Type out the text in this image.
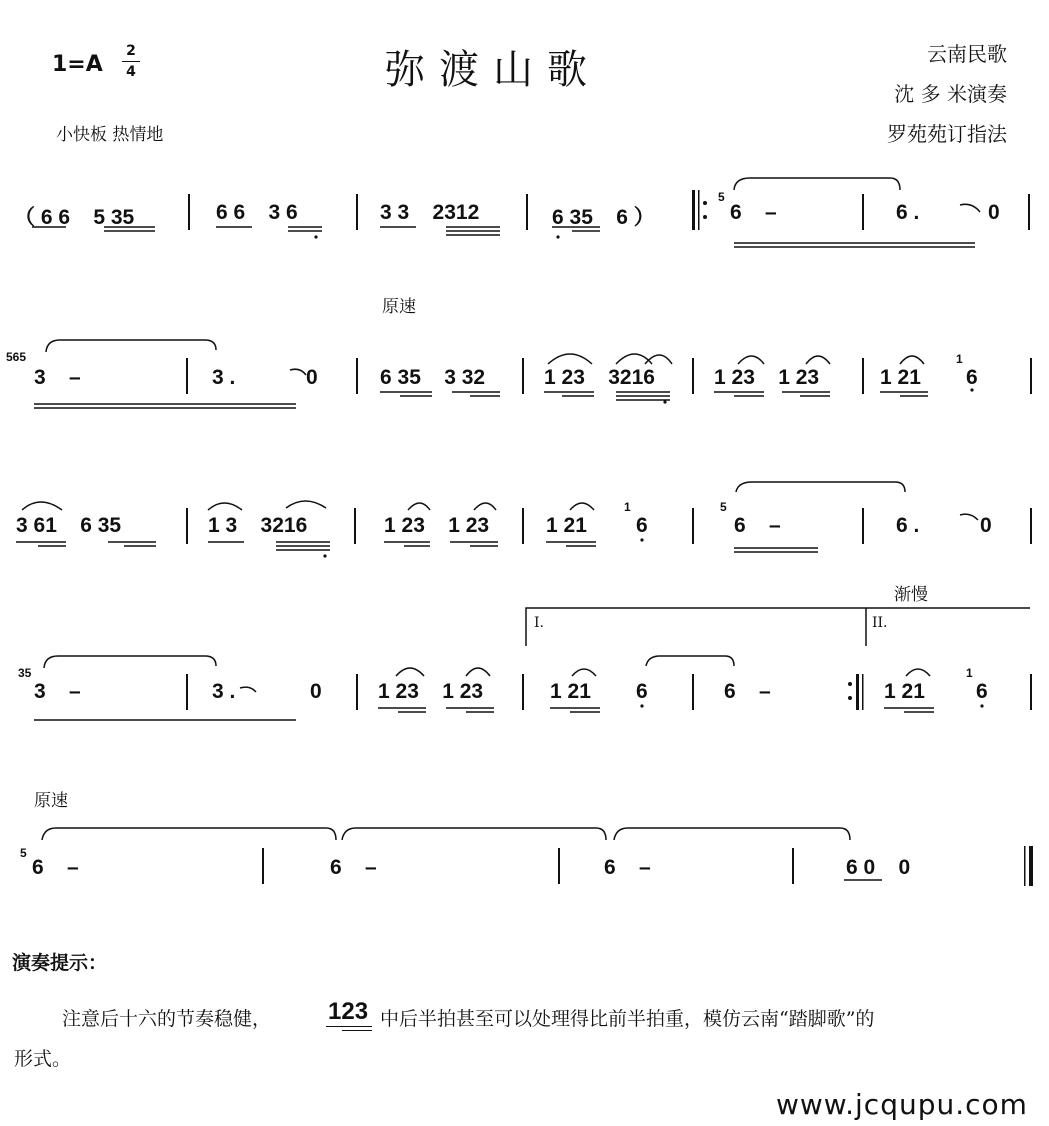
1=A
2
4	弥渡山歌	云南民歌
沈 多 米演奏
罗苑苑订指法
小快板 热情地
（ 6 6    5 35	6 6    3 6	3 3    2312	6 35    6 ）
5
6    –	6 .	0
原速
565
3    –	3 .	0	6 35    3 32	1 23    3216	1 23    1 23	1 21
1
6
3 61    6 35	1 3    3216	1 23    1 23	1 21
1
6
5
6    –	6 .	0
渐慢
I.	II.
35
3    –	3 .	0	1 23    1 23	1 21 6	6    –	1 21
1
6
原速
5
6    –	6    –	6    –	6 0    0
演奏提示：
注意后十六的节奏稳健， 123 中后半拍甚至可以处理得比前半拍重，模仿云南“踏脚歌”的
形式。
www.jcqupu.com
